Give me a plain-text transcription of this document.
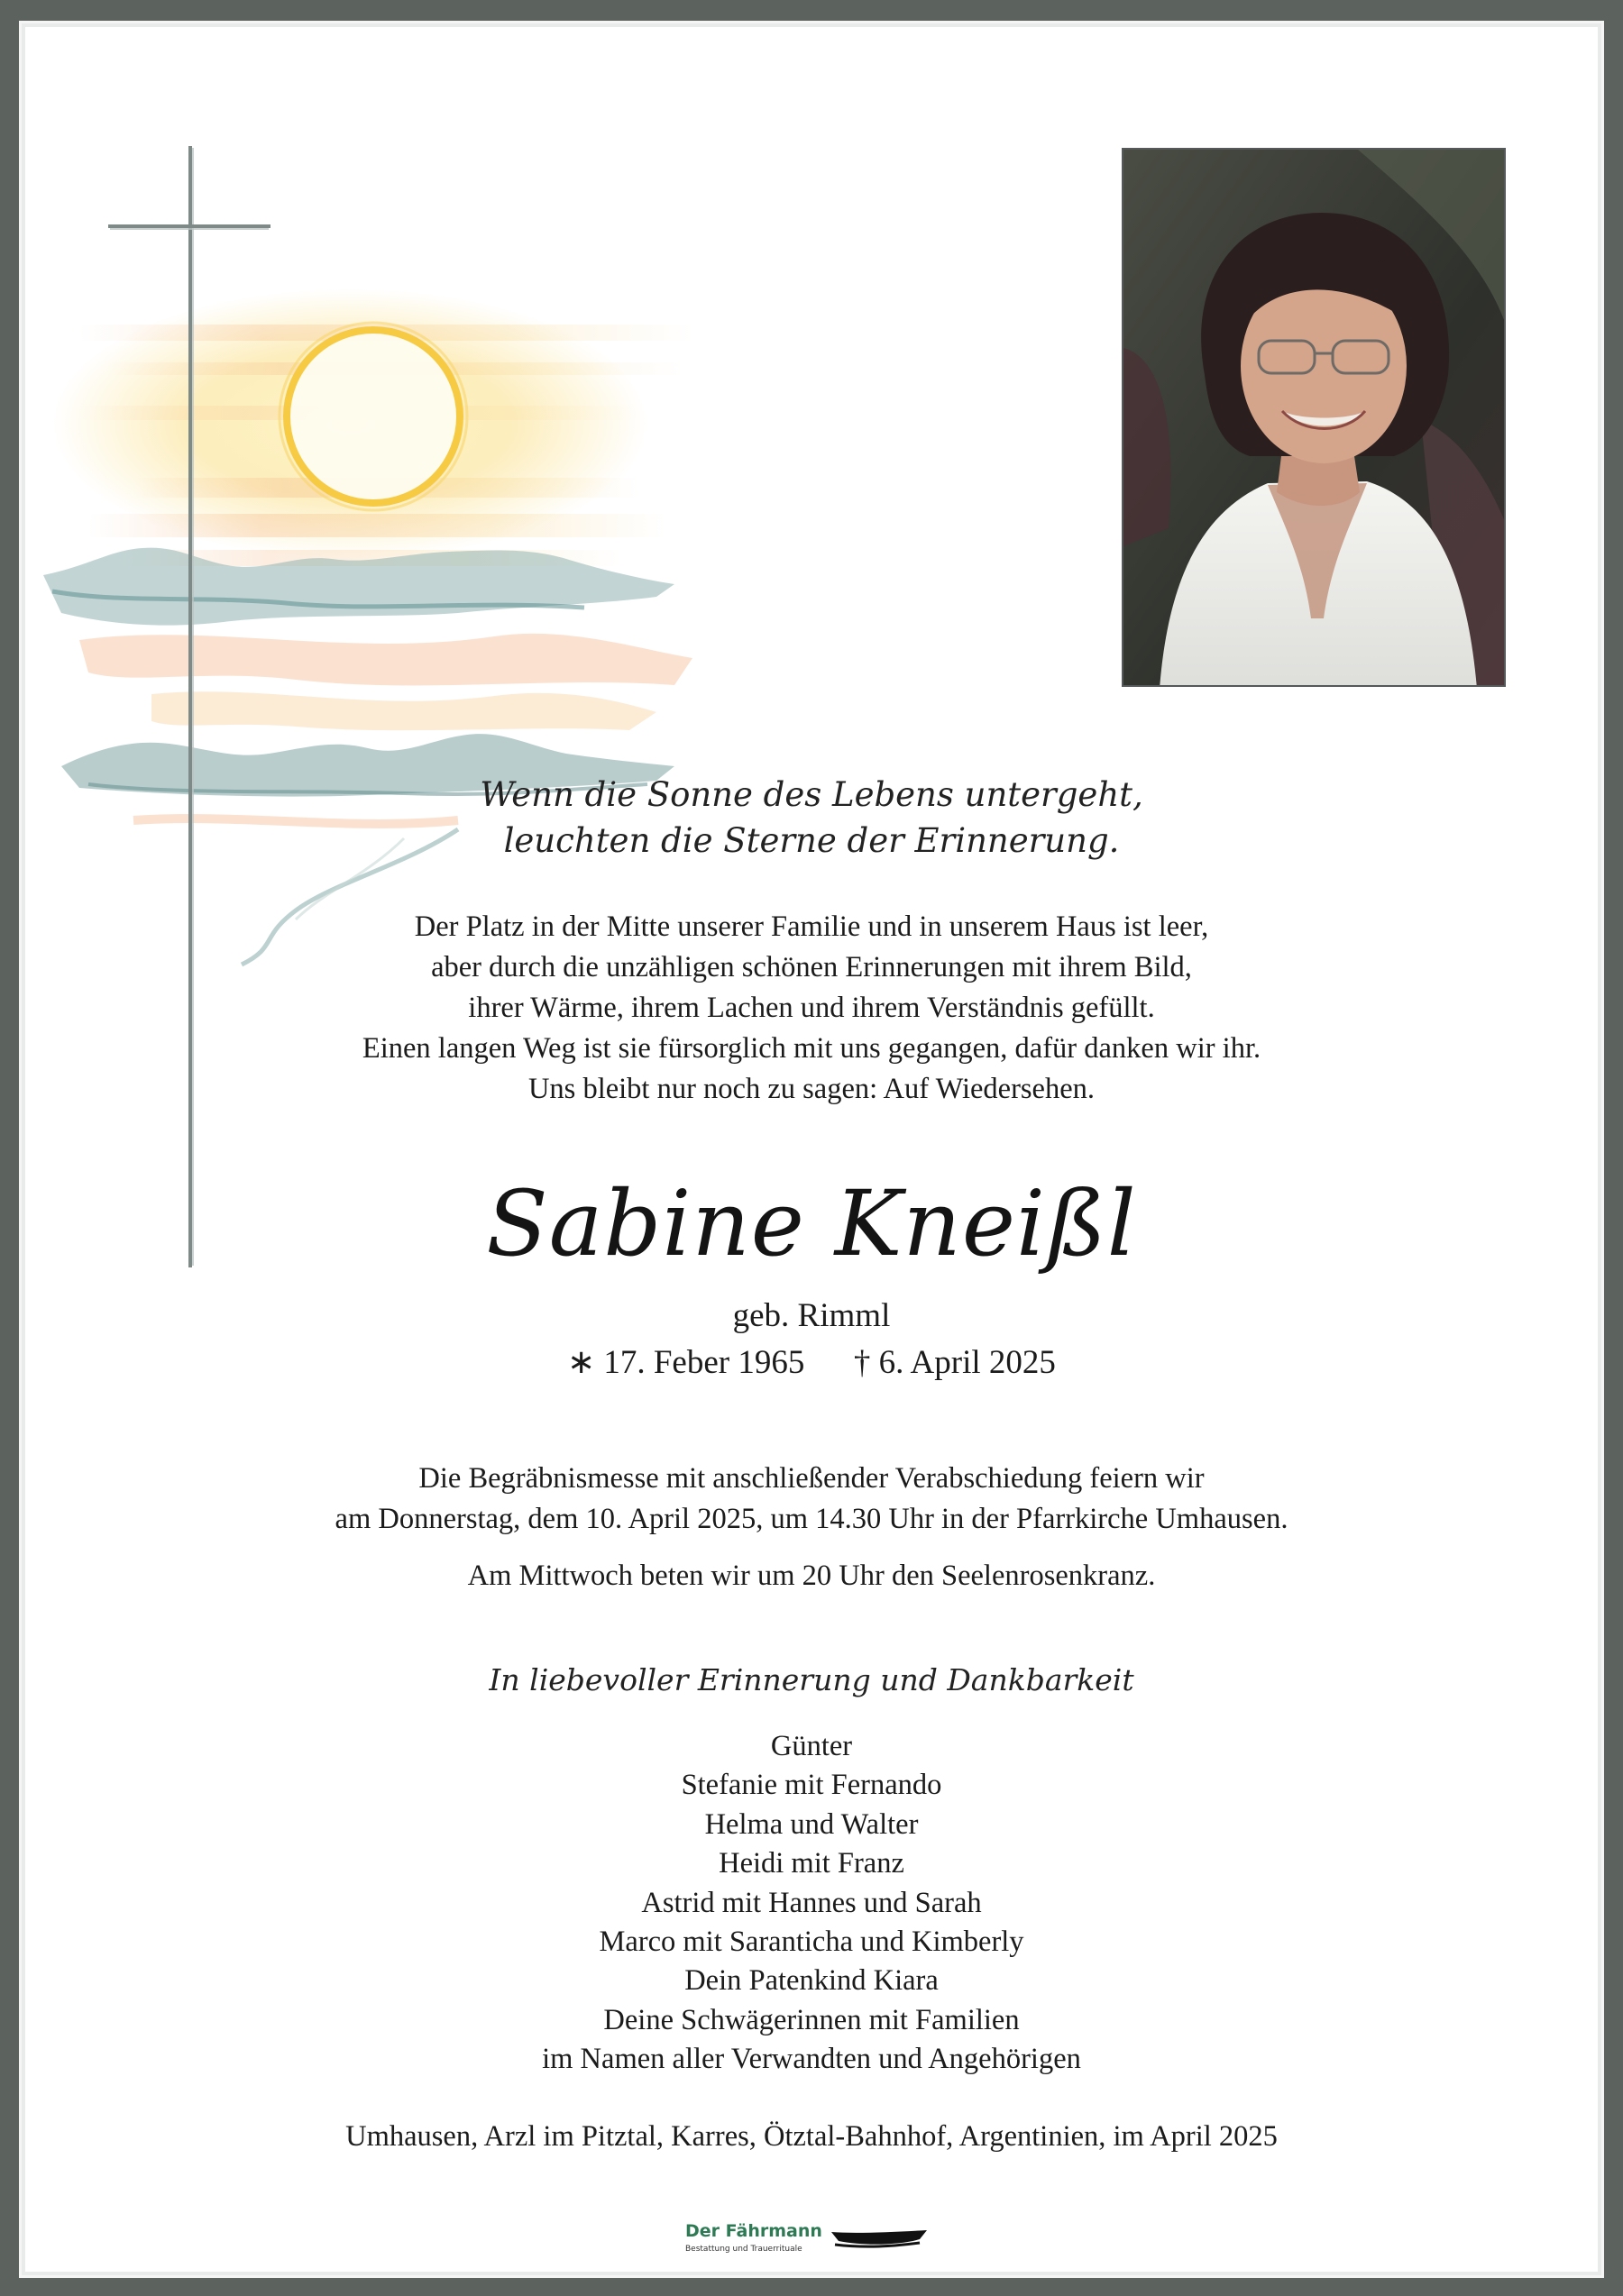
Wenn die Sonne des Lebens untergeht,
leuchten die Sterne der Erinnerung.
Der Platz in der Mitte unserer Familie und in unserem Haus ist leer,
aber durch die unzähligen schönen Erinnerungen mit ihrem Bild,
ihrer Wärme, ihrem Lachen und ihrem Verständnis gefüllt.
Einen langen Weg ist sie fürsorglich mit uns gegangen, dafür danken wir ihr.
Uns bleibt nur noch zu sagen: Auf Wiedersehen.
Sabine Kneißl
geb. Rimml
∗ 17. Feber 1965 † 6. April 2025
Die Begräbnismesse mit anschließender Verabschiedung feiern wir
am Donnerstag, dem 10. April 2025, um 14.30 Uhr in der Pfarrkirche Umhausen.
Am Mittwoch beten wir um 20 Uhr den Seelenrosenkranz.
In liebevoller Erinnerung und Dankbarkeit
Günter
Stefanie mit Fernando
Helma und Walter
Heidi mit Franz
Astrid mit Hannes und Sarah
Marco mit Saranticha und Kimberly
Dein Patenkind Kiara
Deine Schwägerinnen mit Familien
im Namen aller Verwandten und Angehörigen
Umhausen, Arzl im Pitztal, Karres, Ötztal-Bahnhof, Argentinien, im April 2025
Der Fährmann
Bestattung und Trauerrituale
